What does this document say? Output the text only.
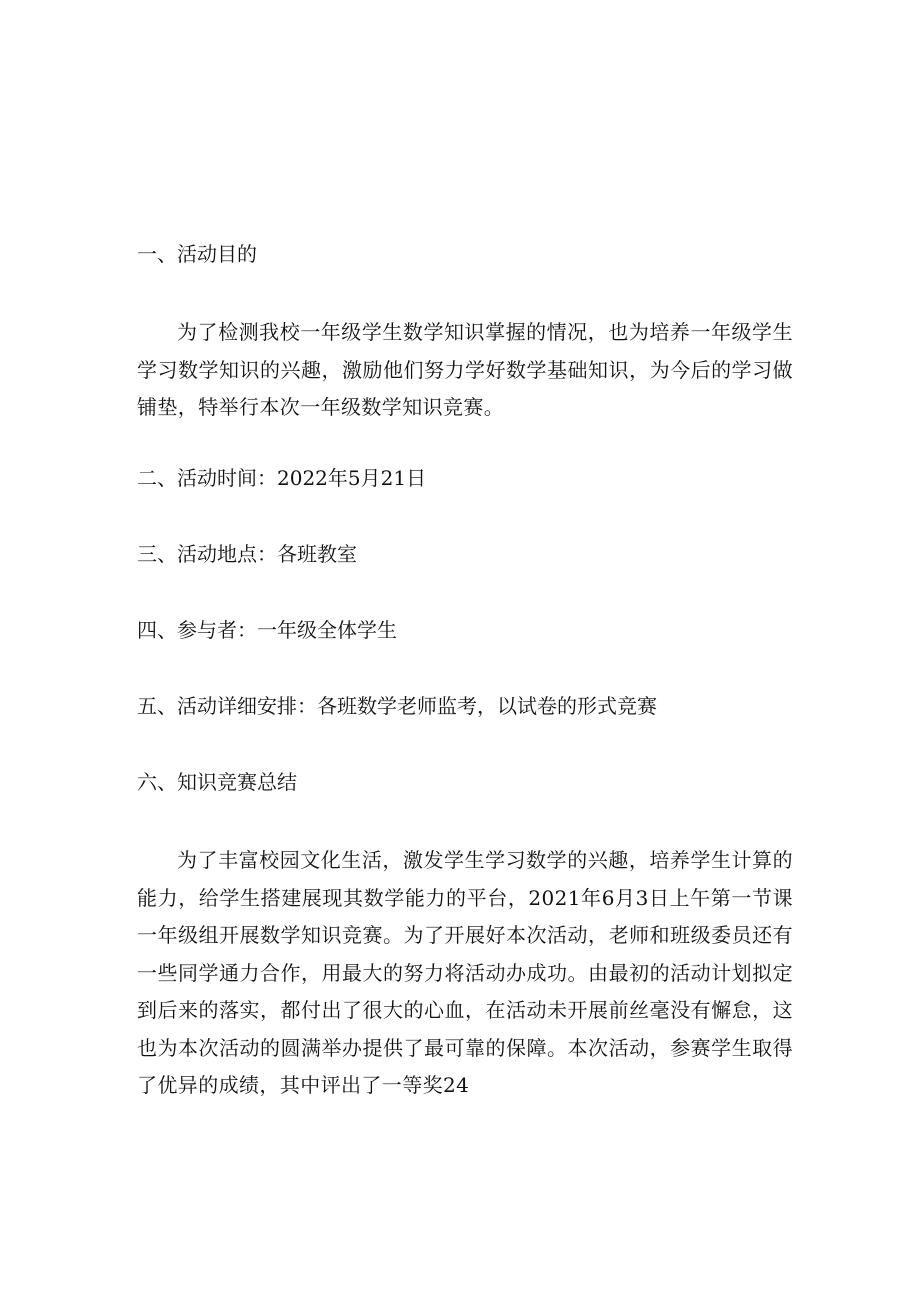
一、活动目的
为了检测我校一年级学生数学知识掌握的情况，也为培养一年级学生学习数学知识的兴趣，激励他们努力学好数学基础知识，为今后的学习做铺垫，特举行本次一年级数学知识竞赛。
二、活动时间：2022年5月21日
三、活动地点：各班教室
四、参与者：一年级全体学生
五、活动详细安排：各班数学老师监考，以试卷的形式竞赛
六、知识竞赛总结
为了丰富校园文化生活，激发学生学习数学的兴趣，培养学生计算的能力，给学生搭建展现其数学能力的平台，2021年6月3日上午第一节课一年级组开展数学知识竞赛。为了开展好本次活动，老师和班级委员还有一些同学通力合作，用最大的努力将活动办成功。由最初的活动计划拟定到后来的落实，都付出了很大的心血，在活动未开展前丝毫没有懈怠，这也为本次活动的圆满举办提供了最可靠的保障。本次活动，参赛学生取得了优异的成绩，其中评出了一等奖24
